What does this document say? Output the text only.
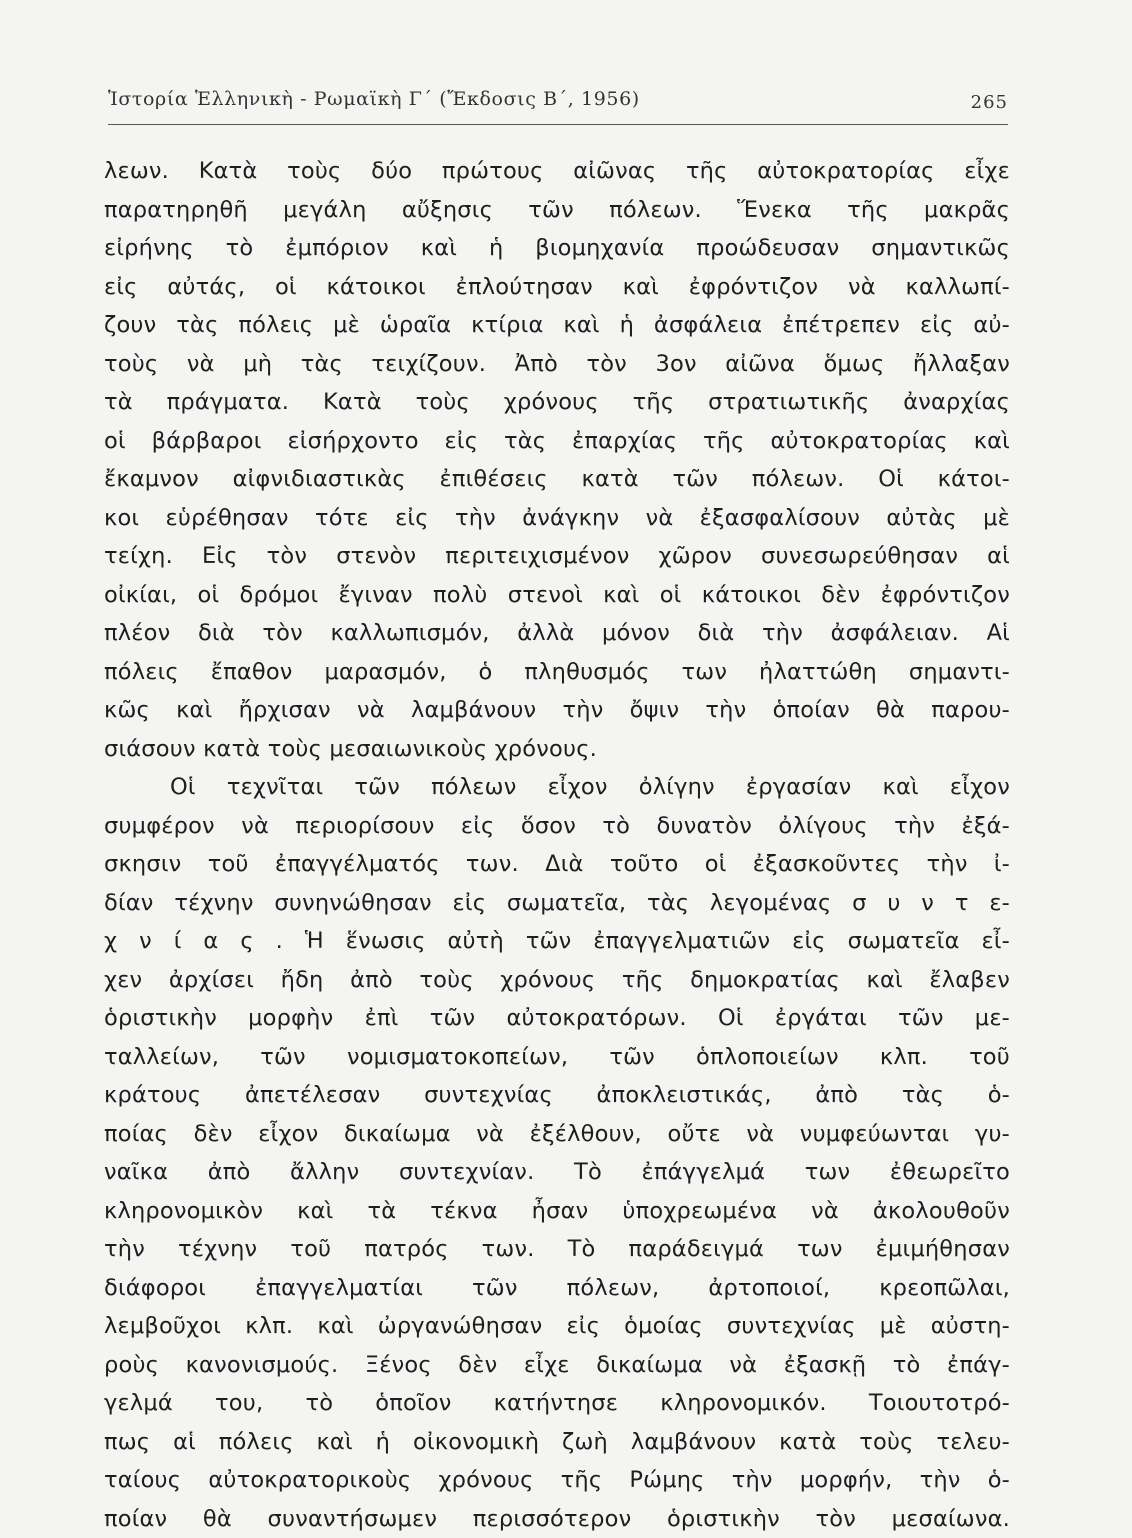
Ἱστορία Ἑλληνικὴ - Ρωμαϊκὴ Γ΄ (Ἔκδοσις Β΄, 1956)	265
λεων. Κατὰ τοὺς δύο πρώτους αἰῶνας τῆς αὐτοκρατορίας εἶχε
παρατηρηθῆ μεγάλη αὔξησις τῶν πόλεων. Ἕνεκα τῆς μακρᾶς
εἰρήνης τὸ ἐμπόριον καὶ ἡ βιομηχανία προώδευσαν σημαντικῶς
εἰς αὐτάς, οἱ κάτοικοι ἐπλούτησαν καὶ ἐφρόντιζον νὰ καλλωπί-
ζουν τὰς πόλεις μὲ ὡραῖα κτίρια καὶ ἡ ἀσφάλεια ἐπέτρεπεν εἰς αὐ-
τοὺς νὰ μὴ τὰς τειχίζουν. Ἀπὸ τὸν 3ον αἰῶνα ὅμως ἤλλαξαν
τὰ πράγματα. Κατὰ τοὺς χρόνους τῆς στρατιωτικῆς ἀναρχίας
οἱ βάρβαροι εἰσήρχοντο εἰς τὰς ἐπαρχίας τῆς αὐτοκρατορίας καὶ
ἔκαμνον αἰφνιδιαστικὰς ἐπιθέσεις κατὰ τῶν πόλεων. Οἱ κάτοι-
κοι εὑρέθησαν τότε εἰς τὴν ἀνάγκην νὰ ἐξασφαλίσουν αὐτὰς μὲ
τείχη. Εἰς τὸν στενὸν περιτειχισμένον χῶρον συνεσωρεύθησαν αἱ
οἰκίαι, οἱ δρόμοι ἔγιναν πολὺ στενοὶ καὶ οἱ κάτοικοι δὲν ἐφρόντιζον
πλέον διὰ τὸν καλλωπισμόν, ἀλλὰ μόνον διὰ τὴν ἀσφάλειαν. Αἱ
πόλεις ἔπαθον μαρασμόν, ὁ πληθυσμός των ἠλαττώθη σημαντι-
κῶς καὶ ἤρχισαν νὰ λαμβάνουν τὴν ὄψιν τὴν ὁποίαν θὰ παρου-
σιάσουν κατὰ τοὺς μεσαιωνικοὺς χρόνους.
Οἱ τεχνῖται τῶν πόλεων εἶχον ὀλίγην ἐργασίαν καὶ εἶχον
συμφέρον νὰ περιορίσουν εἰς ὅσον τὸ δυνατὸν ὀλίγους τὴν ἐξά-
σκησιν τοῦ ἐπαγγέλματός των. Διὰ τοῦτο οἱ ἐξασκοῦντες τὴν ἰ-
δίαν τέχνην συνηνώθησαν εἰς σωματεῖα, τὰς λεγομένας σ υ ν τ ε-
χ ν ί α ς . Ἡ ἕνωσις αὐτὴ τῶν ἐπαγγελματιῶν εἰς σωματεῖα εἶ-
χεν ἀρχίσει ἤδη ἀπὸ τοὺς χρόνους τῆς δημοκρατίας καὶ ἔλαβεν
ὁριστικὴν μορφὴν ἐπὶ τῶν αὐτοκρατόρων. Οἱ ἐργάται τῶν με-
ταλλείων, τῶν νομισματοκοπείων, τῶν ὁπλοποιείων κλπ. τοῦ
κράτους ἀπετέλεσαν συντεχνίας ἀποκλειστικάς, ἀπὸ τὰς ὁ-
ποίας δὲν εἶχον δικαίωμα νὰ ἐξέλθουν, οὔτε νὰ νυμφεύωνται γυ-
ναῖκα ἀπὸ ἄλλην συντεχνίαν. Τὸ ἐπάγγελμά των ἐθεωρεῖτο
κληρονομικὸν καὶ τὰ τέκνα ἦσαν ὑποχρεωμένα νὰ ἀκολουθοῦν
τὴν τέχνην τοῦ πατρός των. Τὸ παράδειγμά των ἐμιμήθησαν
διάφοροι ἐπαγγελματίαι τῶν πόλεων, ἀρτοποιοί, κρεοπῶλαι,
λεμβοῦχοι κλπ. καὶ ὠργανώθησαν εἰς ὁμοίας συντεχνίας μὲ αὐστη-
ροὺς κανονισμούς. Ξένος δὲν εἶχε δικαίωμα νὰ ἐξασκῇ τὸ ἐπάγ-
γελμά του, τὸ ὁποῖον κατήντησε κληρονομικόν. Τοιουτοτρό-
πως αἱ πόλεις καὶ ἡ οἰκονομικὴ ζωὴ λαμβάνουν κατὰ τοὺς τελευ-
ταίους αὐτοκρατορικοὺς χρόνους τῆς Ρώμης τὴν μορφήν, τὴν ὁ-
ποίαν θὰ συναντήσωμεν περισσότερον ὁριστικὴν τὸν μεσαίωνα.
